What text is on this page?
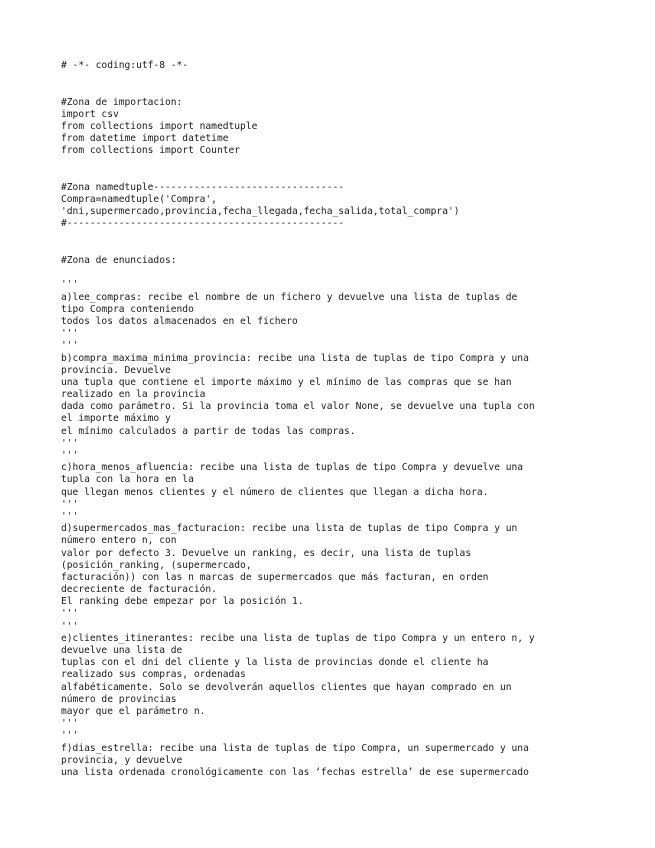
# -*- coding:utf-8 -*-
#Zona de importacion:
import csv
from collections import namedtuple
from datetime import datetime
from collections import Counter
#Zona namedtuple---------------------------------
Compra=namedtuple('Compra',
'dni,supermercado,provincia,fecha_llegada,fecha_salida,total_compra')
#------------------------------------------------
#Zona de enunciados:
'''
a)lee_compras: recibe el nombre de un fichero y devuelve una lista de tuplas de
tipo Compra conteniendo
todos los datos almacenados en el fichero
'''
'''
b)compra_maxima_minima_provincia: recibe una lista de tuplas de tipo Compra y una
provincia. Devuelve
una tupla que contiene el importe máximo y el mínimo de las compras que se han
realizado en la provincia
dada como parámetro. Si la provincia toma el valor None, se devuelve una tupla con
el importe máximo y
el mínimo calculados a partir de todas las compras.
'''
'''
c)hora_menos_afluencia: recibe una lista de tuplas de tipo Compra y devuelve una
tupla con la hora en la
que llegan menos clientes y el número de clientes que llegan a dicha hora.
'''
'''
d)supermercados_mas_facturacion: recibe una lista de tuplas de tipo Compra y un
número entero n, con
valor por defecto 3. Devuelve un ranking, es decir, una lista de tuplas
(posición_ranking, (supermercado,
facturación)) con las n marcas de supermercados que más facturan, en orden
decreciente de facturación.
El ranking debe empezar por la posición 1.
'''
'''
e)clientes_itinerantes: recibe una lista de tuplas de tipo Compra y un entero n, y
devuelve una lista de
tuplas con el dni del cliente y la lista de provincias donde el cliente ha
realizado sus compras, ordenadas
alfabéticamente. Solo se devolverán aquellos clientes que hayan comprado en un
número de provincias
mayor que el parámetro n.
'''
'''
f)dias_estrella: recibe una lista de tuplas de tipo Compra, un supermercado y una
provincia, y devuelve
una lista ordenada cronológicamente con las ‘fechas estrella’ de ese supermercado
